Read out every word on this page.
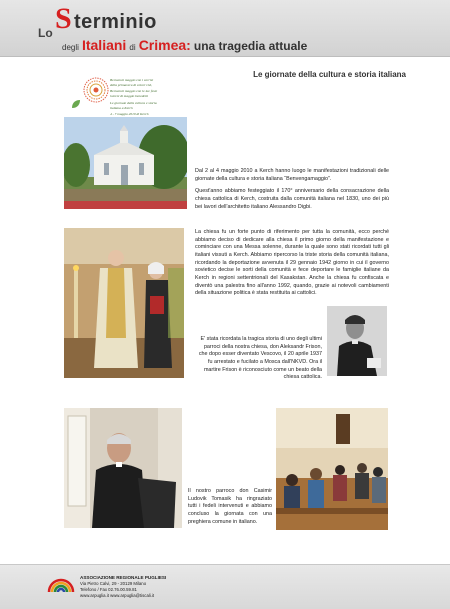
Lo S terminio
degli Italiani di Crimea: una tragedia attuale
Le giornate della cultura e storia italiana
Benvenuti maggio con i sorrisi
della primavera di colori vivi,
Benvenuti maggio con le tue feste
Giorni di maggio benedetti
Le giornate della cultura e storia
italiana a Kerch
4 - 7 maggio 2010 di Kerch

Dal 2 al 4 maggio 2010 a Kerch hanno luogo le manifestazioni tradizionali delle giornate della cultura e storia italiana “Benvengamaggio”.

Quest'anno abbiamo festeggiato il 170° anniversario della consacrazione della chiesa cattolica di Kerch, costruita dalla comunità italiana nel 1830, uno dei più bei lavori dell'architetto italiano Alessandro Digbi.

La chiesa fu un forte punto di riferimento per tutta la comunità, ecco perché abbiamo deciso di dedicare alla chiesa il primo giorno della manifestazione e cominciare con una Messa solenne, durante la quale sono stati ricordati tutti gli italiani vissuti a Kerch. Abbiamo ripercorso la triste storia della comunità italiana, ricordando la deportazione avvenuta il 29 gennaio 1942 giorno in cui il governo sovietico decise le sorti della comunità e fece deportare le famiglie italiane da Kerch in regioni settentrionali del Kasakstan. Anche la chiesa fu confiscata e diventò una palestra fino all'anno 1992, quando, grazie ai notevoli cambiamenti della situazione politica è stata restituita ai cattolici.

E' stata ricordata la tragica storia di uno degli ultimi parroci della nostra chiesa, don Aleksandr Frison, che dopo esser diventato Vescovo, il 20 aprile 1937 fu arrestato e fucilato a Mosca dall'NKVD. Ora il martire Frison è riconosciuto come un beato della chiesa cattolica.

Il nostro parroco don Casimir Ludovik Tomasik ha ringraziato tutti i fedeli intervenuti e abbiamo concluso la giornata con una preghiera comune in italiano.

ASSOCIAZIONE REGIONALE PUGLIESI
Via Pietro Calvi, 29 - 20129 Milano
Telefono / Fax 02.76.00.59.81
www.arpuglia.it www.arpuglia@tiscali.it
